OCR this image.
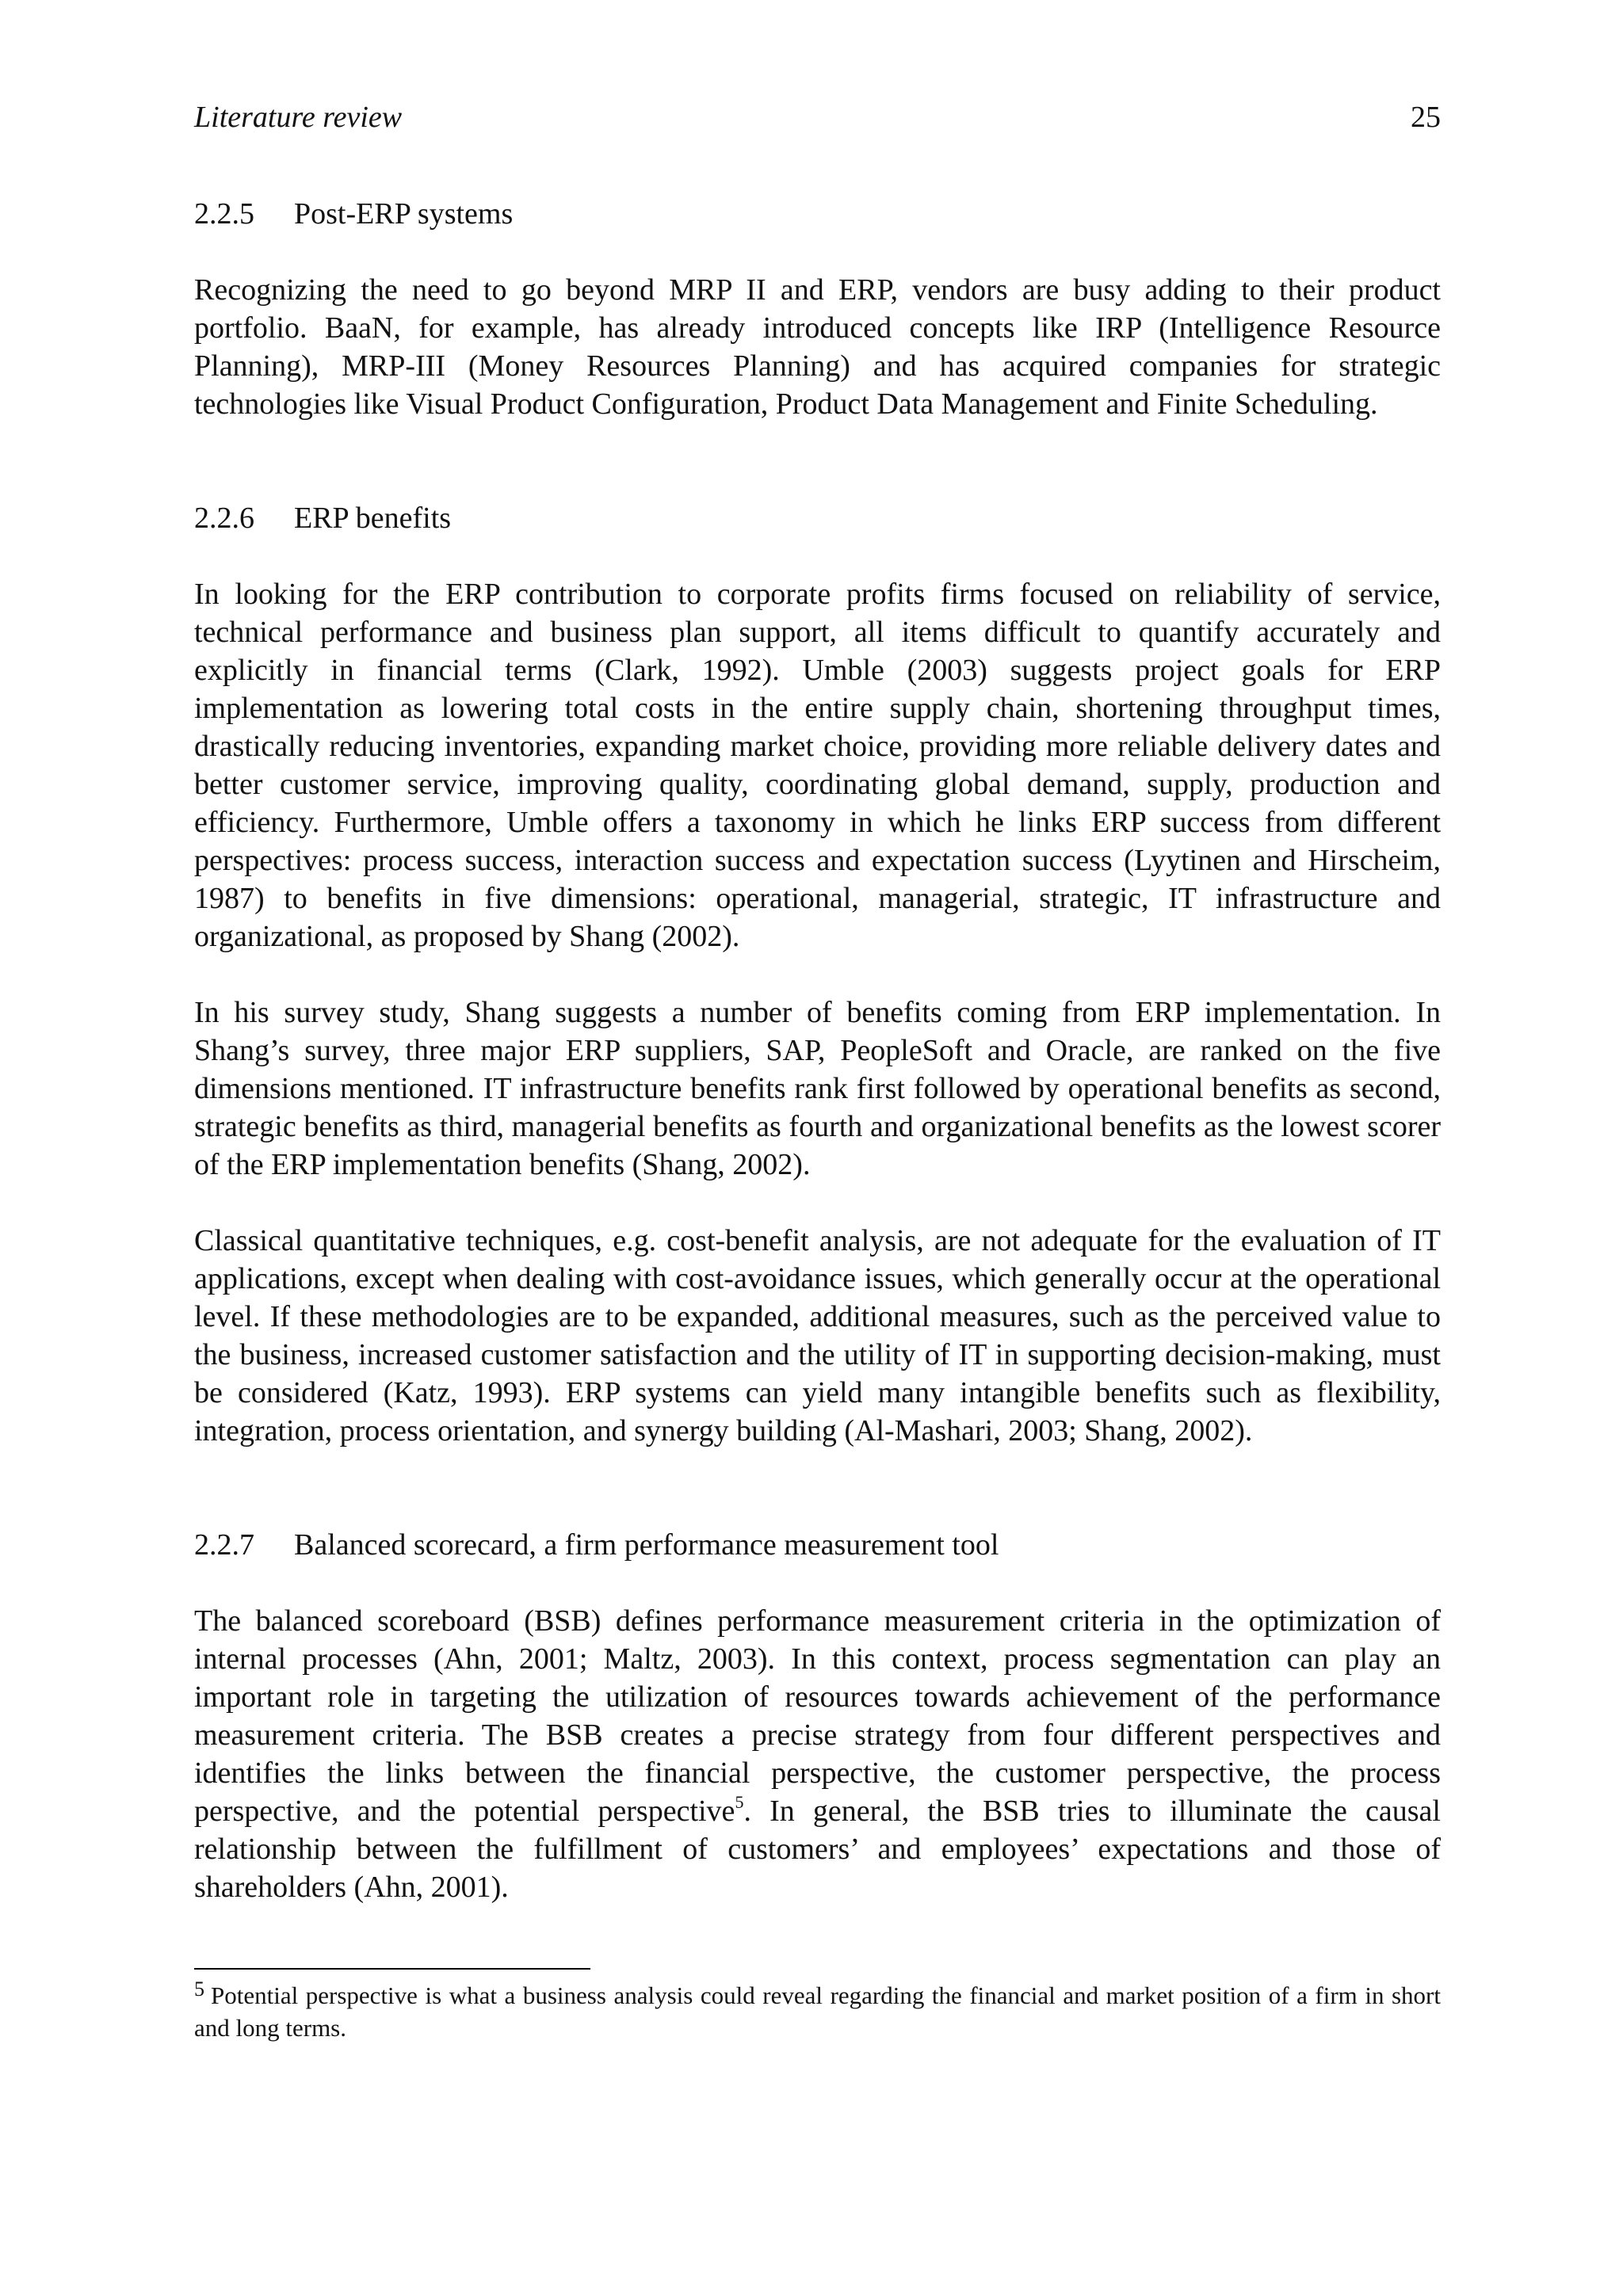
Literature review	25
2.2.5 Post-ERP systems

Recognizing the need to go beyond MRP II and ERP, vendors are busy adding to their product portfolio. BaaN, for example, has already introduced concepts like IRP (Intelligence Resource Planning), MRP-III (Money Resources Planning) and has acquired companies for strategic technologies like Visual Product Configuration, Product Data Management and Finite Scheduling.

2.2.6 ERP benefits

In looking for the ERP contribution to corporate profits firms focused on reliability of service, technical performance and business plan support, all items difficult to quantify accurately and explicitly in financial terms (Clark, 1992). Umble (2003) suggests project goals for ERP implementation as lowering total costs in the entire supply chain, shortening throughput times, drastically reducing inventories, expanding market choice, providing more reliable delivery dates and better customer service, improving quality, coordinating global demand, supply, production and efficiency. Furthermore, Umble offers a taxonomy in which he links ERP success from different perspectives: process success, interaction success and expectation success (Lyytinen and Hirscheim, 1987) to benefits in five dimensions: operational, managerial, strategic, IT infrastructure and organizational, as proposed by Shang (2002).

In his survey study, Shang suggests a number of benefits coming from ERP implementation. In Shang’s survey, three major ERP suppliers, SAP, PeopleSoft and Oracle, are ranked on the five dimensions mentioned. IT infrastructure benefits rank first followed by operational benefits as second, strategic benefits as third, managerial benefits as fourth and organizational benefits as the lowest scorer of the ERP implementation benefits (Shang, 2002).

Classical quantitative techniques, e.g. cost-benefit analysis, are not adequate for the evaluation of IT applications, except when dealing with cost-avoidance issues, which generally occur at the operational level. If these methodologies are to be expanded, additional measures, such as the perceived value to the business, increased customer satisfaction and the utility of IT in supporting decision-making, must be considered (Katz, 1993). ERP systems can yield many intangible benefits such as flexibility, integration, process orientation, and synergy building (Al-Mashari, 2003; Shang, 2002).

2.2.7 Balanced scorecard, a firm performance measurement tool

The balanced scoreboard (BSB) defines performance measurement criteria in the optimization of internal processes (Ahn, 2001; Maltz, 2003). In this context, process segmentation can play an important role in targeting the utilization of resources towards achievement of the performance measurement criteria. The BSB creates a precise strategy from four different perspectives and identifies the links between the financial perspective, the customer perspective, the process perspective, and the potential perspective$^5$. In general, the BSB tries to illuminate the causal relationship between the fulfillment of customers’ and employees’ expectations and those of shareholders (Ahn, 2001).

$^5$ Potential perspective is what a business analysis could reveal regarding the financial and market position of a firm in short and long terms.
